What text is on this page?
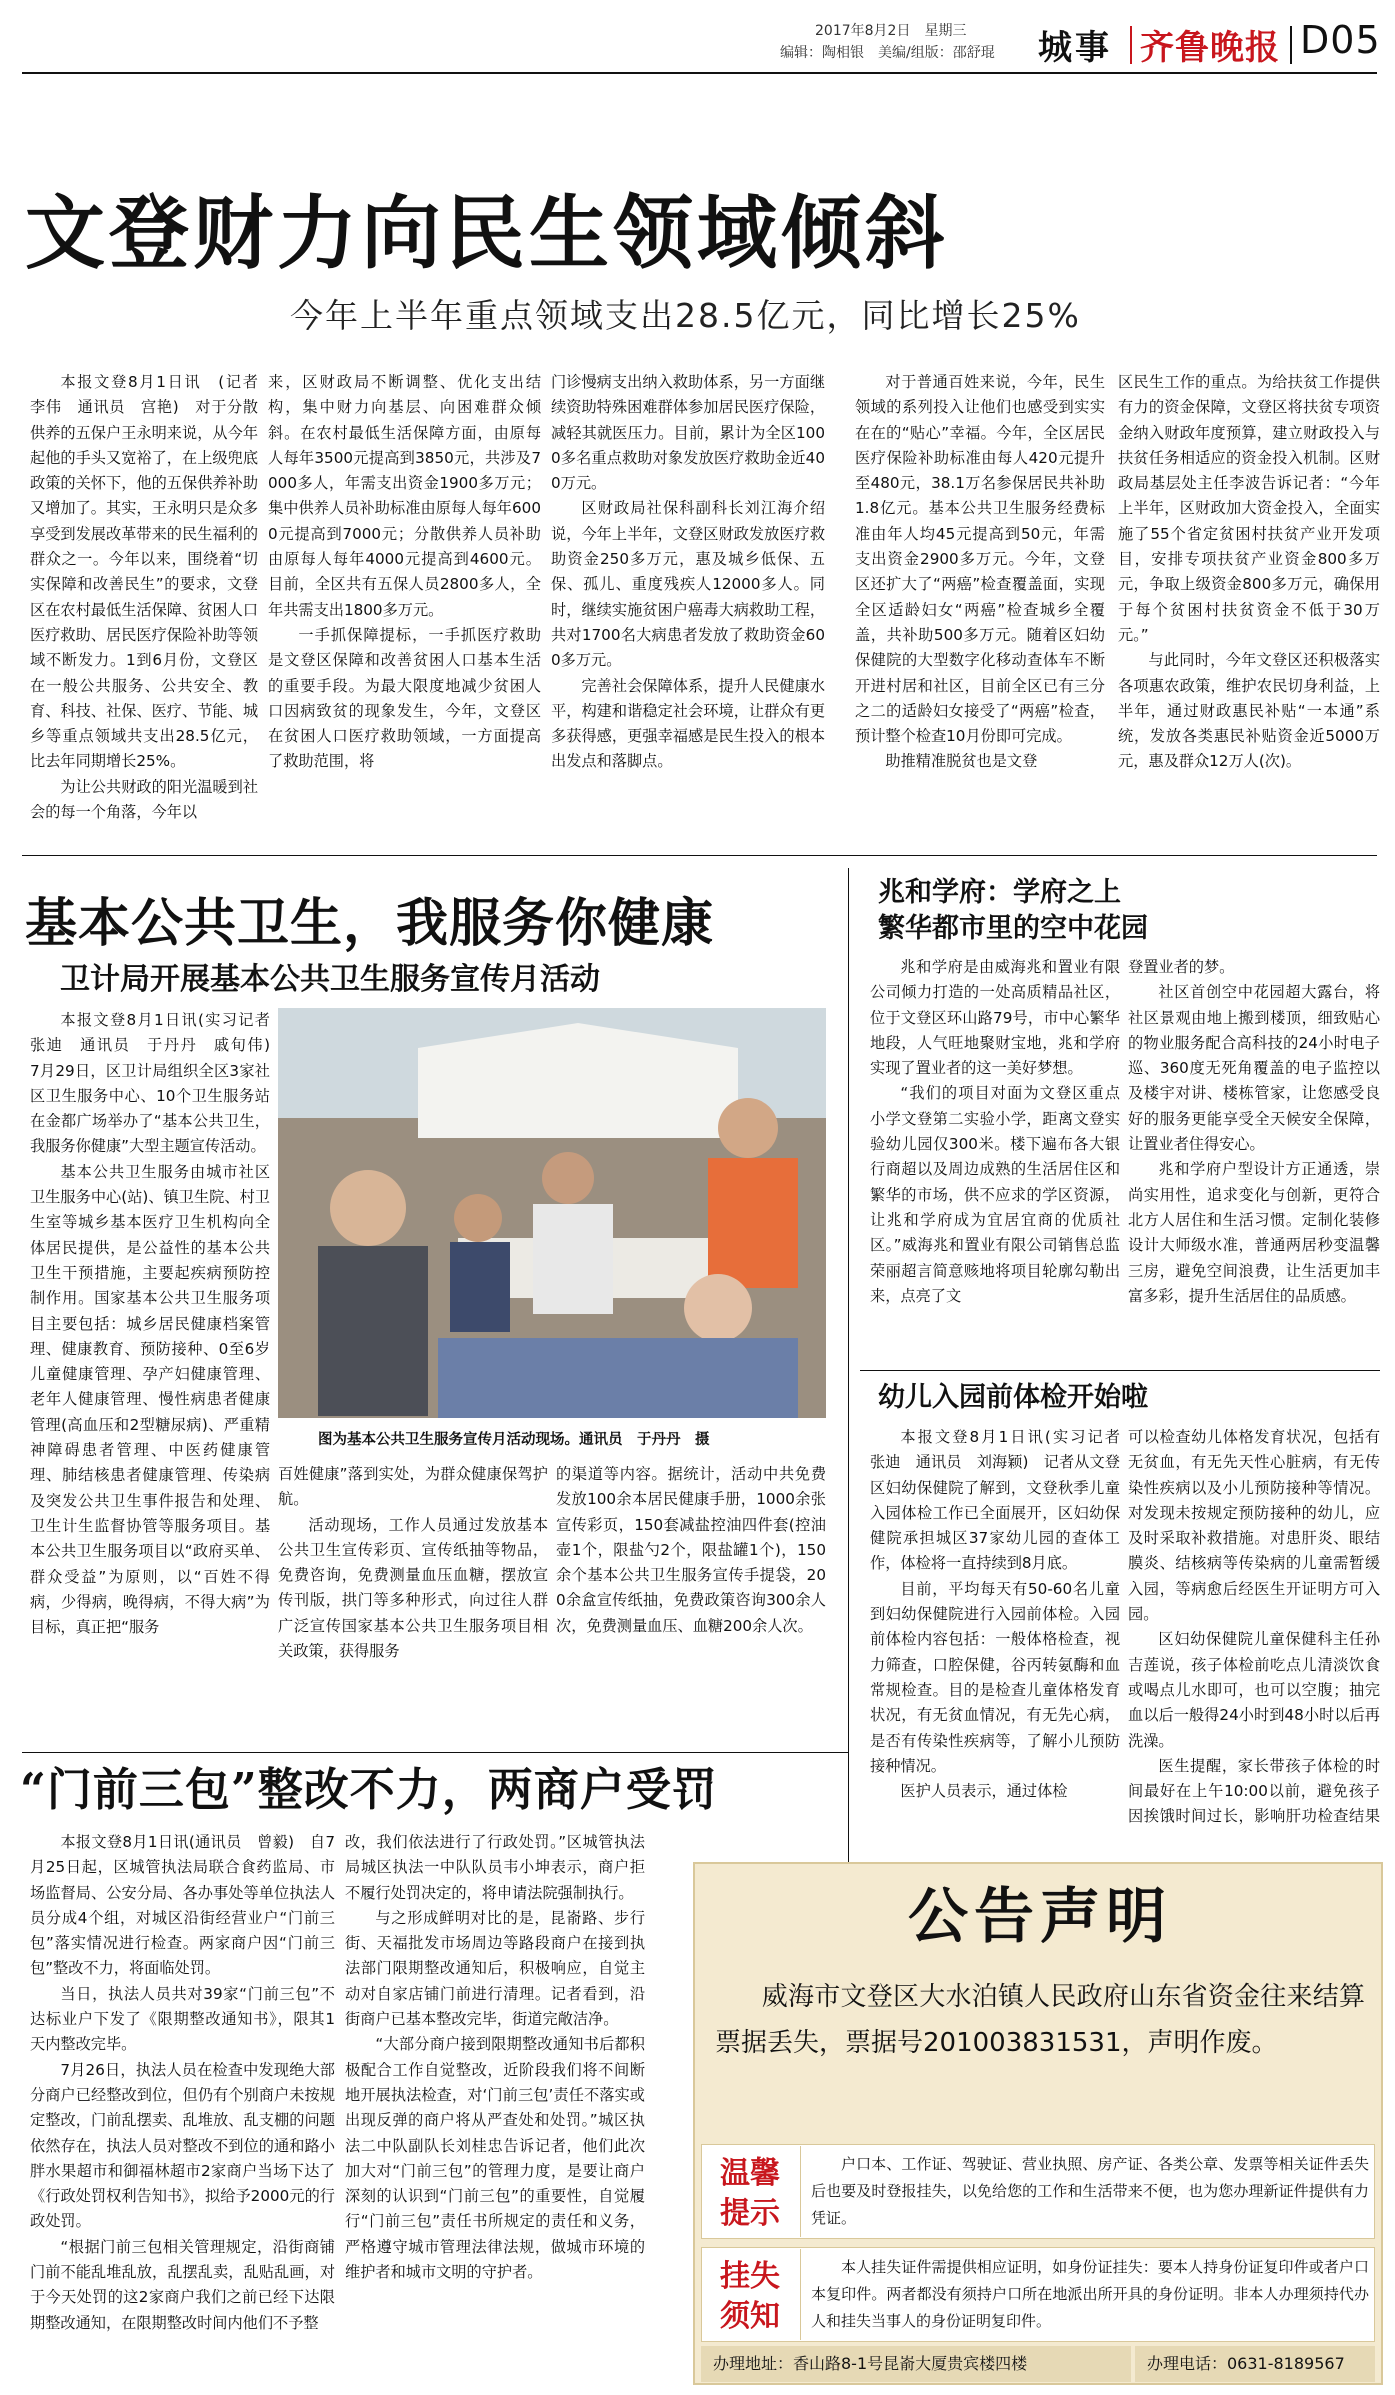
2017年8月2日　星期三
编辑：陶相银　美编/组版：邵舒琨	城事 齐鲁晚报 D05
文登财力向民生领域倾斜
今年上半年重点领域支出28.5亿元，同比增长25%

本报文登8月1日讯　(记者　李伟　通讯员　宫艳)　对于分散供养的五保户王永明来说，从今年起他的手头又宽裕了，在上级兜底政策的关怀下，他的五保供养补助又增加了。其实，王永明只是众多享受到发展改革带来的民生福利的群众之一。今年以来，围绕着“切实保障和改善民生”的要求，文登区在农村最低生活保障、贫困人口医疗救助、居民医疗保险补助等领域不断发力。1到6月份，文登区在一般公共服务、公共安全、教育、科技、社保、医疗、节能、城乡等重点领域共支出28.5亿元，比去年同期增长25%。

为让公共财政的阳光温暖到社会的每一个角落，今年以

来，区财政局不断调整、优化支出结构，集中财力向基层、向困难群众倾斜。在农村最低生活保障方面，由原每人每年3500元提高到3850元，共涉及7000多人，年需支出资金1900多万元；集中供养人员补助标准由原每人每年6000元提高到7000元；分散供养人员补助由原每人每年4000元提高到4600元。目前，全区共有五保人员2800多人，全年共需支出1800多万元。

一手抓保障提标，一手抓医疗救助是文登区保障和改善贫困人口基本生活的重要手段。为最大限度地减少贫困人口因病致贫的现象发生，今年，文登区在贫困人口医疗救助领域，一方面提高了救助范围，将

门诊慢病支出纳入救助体系，另一方面继续资助特殊困难群体参加居民医疗保险，减轻其就医压力。目前，累计为全区1000多名重点救助对象发放医疗救助金近400万元。

区财政局社保科副科长刘江海介绍说，今年上半年，文登区财政发放医疗救助资金250多万元，惠及城乡低保、五保、孤儿、重度残疾人12000多人。同时，继续实施贫困户癌毒大病救助工程，共对1700名大病患者发放了救助资金600多万元。

完善社会保障体系，提升人民健康水平，构建和谐稳定社会环境，让群众有更多获得感，更强幸福感是民生投入的根本出发点和落脚点。

对于普通百姓来说，今年，民生领域的系列投入让他们也感受到实实在在的“贴心”幸福。今年，全区居民医疗保险补助标准由每人420元提升至480元，38.1万名参保居民共补助1.8亿元。基本公共卫生服务经费标准由年人均45元提高到50元，年需支出资金2900多万元。今年，文登区还扩大了“两癌”检查覆盖面，实现全区适龄妇女“两癌”检查城乡全覆盖，共补助500多万元。随着区妇幼保健院的大型数字化移动查体车不断开进村居和社区，目前全区已有三分之二的适龄妇女接受了“两癌”检查，预计整个检查10月份即可完成。

助推精准脱贫也是文登

区民生工作的重点。为给扶贫工作提供有力的资金保障，文登区将扶贫专项资金纳入财政年度预算，建立财政投入与扶贫任务相适应的资金投入机制。区财政局基层处主任李波告诉记者：“今年上半年，区财政加大资金投入，全面实施了55个省定贫困村扶贫产业开发项目，安排专项扶贫产业资金800多万元，争取上级资金800多万元，确保用于每个贫困村扶贫资金不低于30万元。”

与此同时，今年文登区还积极落实各项惠农政策，维护农民切身利益，上半年，通过财政惠民补贴“一本通”系统，发放各类惠民补贴资金近5000万元，惠及群众12万人(次)。

基本公共卫生，我服务你健康
卫计局开展基本公共卫生服务宣传月活动

本报文登8月1日讯(实习记者　张迪　通讯员　于丹丹　戚旬伟)　7月29日，区卫计局组织全区3家社区卫生服务中心、10个卫生服务站在金都广场举办了“基本公共卫生，我服务你健康”大型主题宣传活动。

基本公共卫生服务由城市社区卫生服务中心(站)、镇卫生院、村卫生室等城乡基本医疗卫生机构向全体居民提供，是公益性的基本公共卫生干预措施，主要起疾病预防控制作用。国家基本公共卫生服务项目主要包括：城乡居民健康档案管理、健康教育、预防接种、0至6岁儿童健康管理、孕产妇健康管理、老年人健康管理、慢性病患者健康管理(高血压和2型糖尿病)、严重精神障碍患者管理、中医药健康管理、肺结核患者健康管理、传染病及突发公共卫生事件报告和处理、卫生计生监督协管等服务项目。基本公共卫生服务项目以“政府买单、群众受益”为原则，以“百姓不得病，少得病，晚得病，不得大病”为目标，真正把“服务

图为基本公共卫生服务宣传月活动现场。通讯员　于丹丹　摄

百姓健康”落到实处，为群众健康保驾护航。

活动现场，工作人员通过发放基本公共卫生宣传彩页、宣传纸抽等物品，免费咨询，免费测量血压血糖，摆放宣传刊版，拱门等多种形式，向过往人群广泛宣传国家基本公共卫生服务项目相关政策，获得服务

的渠道等内容。据统计，活动中共免费发放100余本居民健康手册，1000余张宣传彩页，150套减盐控油四件套(控油壶1个，限盐勺2个，限盐罐1个)，150余个基本公共卫生服务宣传手提袋，200余盒宣传纸抽，免费政策咨询300余人次，免费测量血压、血糖200余人次。

兆和学府：学府之上
繁华都市里的空中花园

兆和学府是由威海兆和置业有限公司倾力打造的一处高质精品社区，位于文登区环山路79号，市中心繁华地段，人气旺地聚财宝地，兆和学府实现了置业者的这一美好梦想。

“我们的项目对面为文登区重点小学文登第二实验小学，距离文登实验幼儿园仅300米。楼下遍布各大银行商超以及周边成熟的生活居住区和繁华的市场，供不应求的学区资源，让兆和学府成为宜居宜商的优质社区。”威海兆和置业有限公司销售总监荣丽超言简意赅地将项目轮廓勾勒出来，点亮了文

登置业者的梦。

社区首创空中花园超大露台，将社区景观由地上搬到楼顶，细致贴心的物业服务配合高科技的24小时电子巡、360度无死角覆盖的电子监控以及楼宇对讲、楼栋管家，让您感受良好的服务更能享受全天候安全保障，让置业者住得安心。

兆和学府户型设计方正通透，崇尚实用性，追求变化与创新，更符合北方人居住和生活习惯。定制化装修设计大师级水准，普通两居秒变温馨三房，避免空间浪费，让生活更加丰富多彩，提升生活居住的品质感。

幼儿入园前体检开始啦

本报文登8月1日讯(实习记者　张迪　通讯员　刘海颖)　记者从文登区妇幼保健院了解到，文登秋季儿童入园体检工作已全面展开，区妇幼保健院承担城区37家幼儿园的查体工作，体检将一直持续到8月底。

目前，平均每天有50-60名儿童到妇幼保健院进行入园前体检。入园前体检内容包括：一般体格检查，视力筛查，口腔保健，谷丙转氨酶和血常规检查。目的是检查儿童体格发育状况，有无贫血情况，有无先心病，是否有传染性疾病等，了解小儿预防接种情况。

医护人员表示，通过体检

可以检查幼儿体格发育状况，包括有无贫血，有无先天性心脏病，有无传染性疾病以及小儿预防接种等情况。对发现未按规定预防接种的幼儿，应及时采取补救措施。对患肝炎、眼结膜炎、结核病等传染病的儿童需暂缓入园，等病愈后经医生开证明方可入园。

区妇幼保健院儿童保健科主任孙吉莲说，孩子体检前吃点儿清淡饮食或喝点儿水即可，也可以空腹；抽完血以后一般得24小时到48小时以后再洗澡。

医生提醒，家长带孩子体检的时间最好在上午10:00以前，避免孩子因挨饿时间过长，影响肝功检查结果

“门前三包”整改不力，两商户受罚

本报文登8月1日讯(通讯员　曾毅)　自7月25日起，区城管执法局联合食药监局、市场监督局、公安分局、各办事处等单位执法人员分成4个组，对城区沿街经营业户“门前三包”落实情况进行检查。两家商户因“门前三包”整改不力，将面临处罚。

当日，执法人员共对39家“门前三包”不达标业户下发了《限期整改通知书》，限其1天内整改完毕。

7月26日，执法人员在检查中发现绝大部分商户已经整改到位，但仍有个别商户未按规定整改，门前乱摆卖、乱堆放、乱支棚的问题依然存在，执法人员对整改不到位的通和路小胖水果超市和御福林超市2家商户当场下达了《行政处罚权利告知书》，拟给予2000元的行政处罚。

“根据门前三包相关管理规定，沿街商铺门前不能乱堆乱放，乱摆乱卖，乱贴乱画，对于今天处罚的这2家商户我们之前已经下达限期整改通知，在限期整改时间内他们不予整

改，我们依法进行了行政处罚。”区城管执法局城区执法一中队队员韦小坤表示，商户拒不履行处罚决定的，将申请法院强制执行。

与之形成鲜明对比的是，昆嵛路、步行街、天福批发市场周边等路段商户在接到执法部门限期整改通知后，积极响应，自觉主动对自家店铺门前进行清理。记者看到，沿街商户已基本整改完毕，街道完敞洁净。

“大部分商户接到限期整改通知书后都积极配合工作自觉整改，近阶段我们将不间断地开展执法检查，对‘门前三包’责任不落实或出现反弹的商户将从严查处和处罚。”城区执法二中队副队长刘桂忠告诉记者，他们此次加大对“门前三包”的管理力度，是要让商户深刻的认识到“门前三包”的重要性，自觉履行“门前三包”责任书所规定的责任和义务，严格遵守城市管理法律法规，做城市环境的维护者和城市文明的守护者。

公告声明
威海市文登区大水泊镇人民政府山东省资金往来结算票据丢失，票据号201003831531，声明作废。
温馨
提示
户口本、工作证、驾驶证、营业执照、房产证、各类公章、发票等相关证件丢失后也要及时登报挂失，以免给您的工作和生活带来不便，也为您办理新证件提供有力凭证。
挂失
须知
本人挂失证件需提供相应证明，如身份证挂失：要本人持身份证复印件或者户口本复印件。两者都没有须持户口所在地派出所开具的身份证明。非本人办理须持代办人和挂失当事人的身份证明复印件。
办理地址：香山路8-1号昆嵛大厦贵宾楼四楼	办理电话：0631-8189567
